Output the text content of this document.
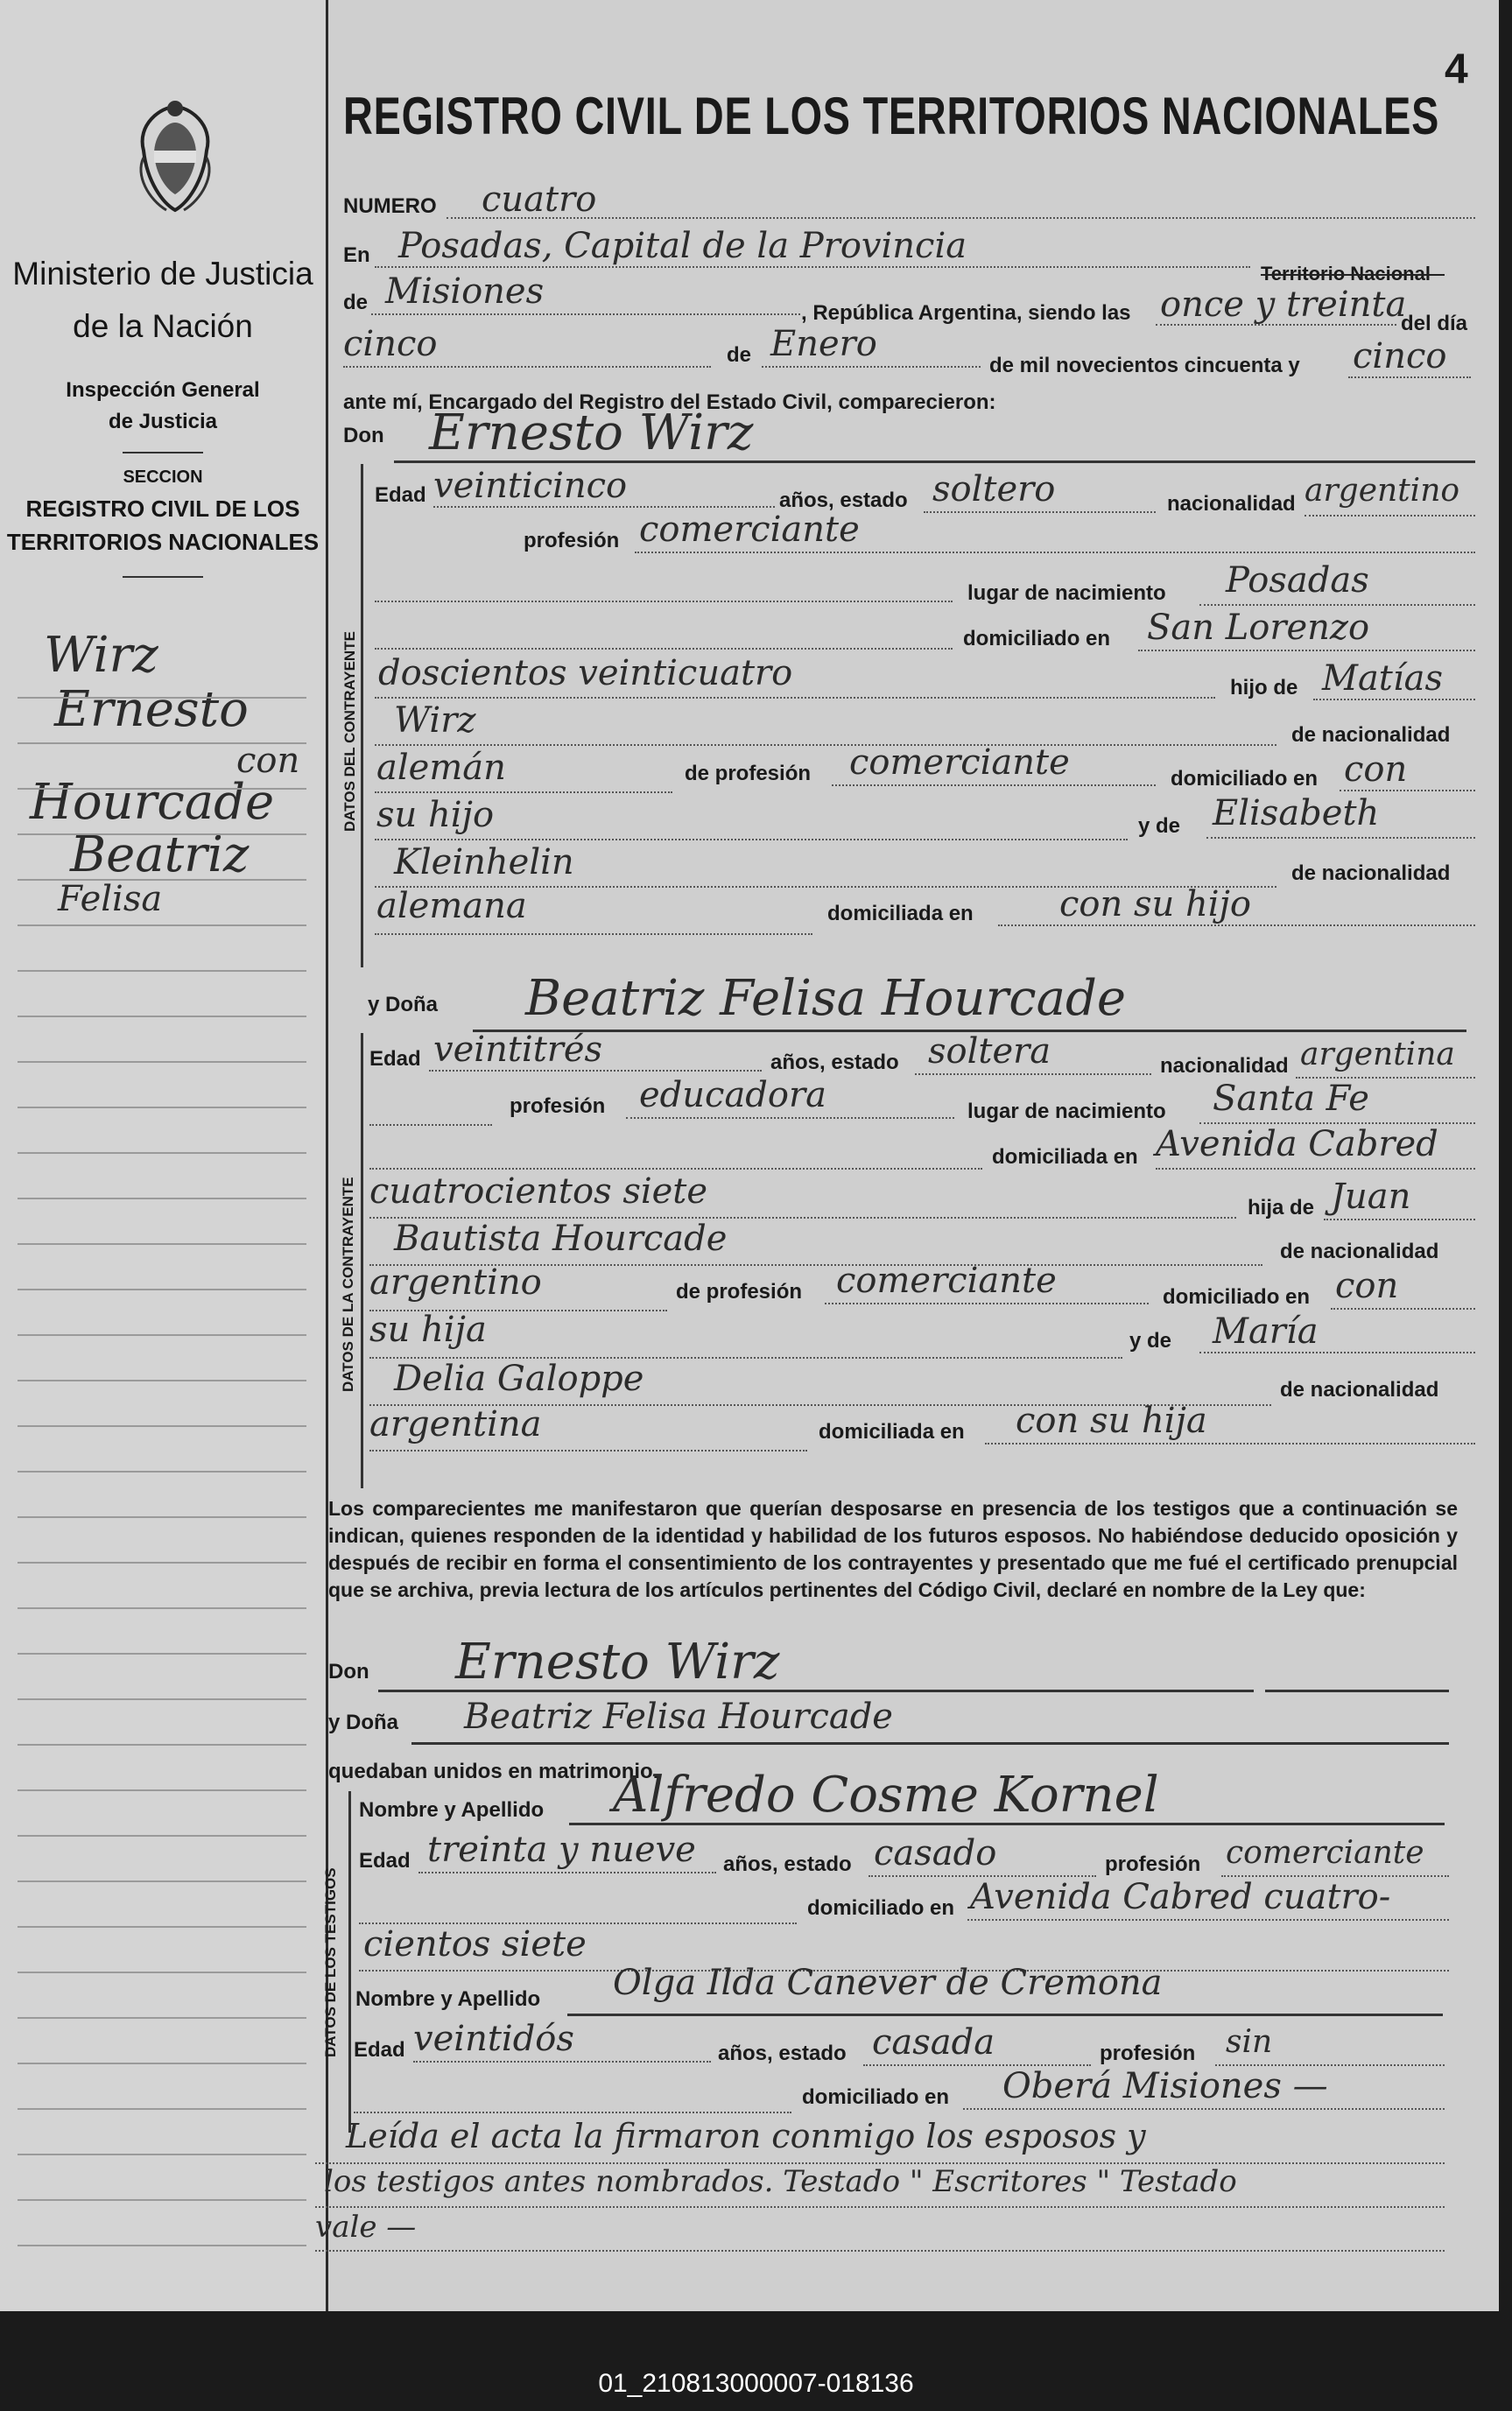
Ministerio de Justicia
de la Nación
Inspección General
de Justicia
SECCION
REGISTRO CIVIL DE LOS
TERRITORIOS NACIONALES
Wirz
Ernesto
con
Hourcade
Beatriz
Felisa
4
REGISTRO CIVIL DE LOS TERRITORIOS NACIONALES
NUMERO cuatro
En Posadas, Capital de la Provincia
Territorio Nacional
de Misiones
, República Argentina, siendo las once y treinta
del día
cinco	de Enero
de mil novecientos cincuenta y cinco
ante mí, Encargado del Registro del Estado Civil, comparecieron:
Don Ernesto Wirz
DATOS DEL CONTRAYENTE
Edad veinticinco	años, estado soltero	nacionalidad argentino
profesión comerciante
lugar de nacimiento Posadas
domiciliado en San Lorenzo
doscientos veinticuatro	hijo de Matías
Wirz	de nacionalidad
alemán	de profesión comerciante	domiciliado en con
su hijo	y de Elisabeth
Kleinhelin	de nacionalidad
alemana	domiciliada en con su hijo
y Doña Beatriz Felisa Hourcade
DATOS DE LA CONTRAYENTE
Edad veintitrés	años, estado soltera	nacionalidad argentina
profesión educadora	lugar de nacimiento Santa Fe
domiciliada en Avenida Cabred
cuatrocientos siete	hija de Juan
Bautista Hourcade	de nacionalidad
argentino	de profesión comerciante	domiciliado en con
su hija	y de María
Delia Galoppe	de nacionalidad
argentina	domiciliada en con su hija
Los comparecientes me manifestaron que querían desposarse en presencia de los testigos que a continuación se indican, quienes responden de la identidad y habilidad de los futuros esposos. No habiéndose deducido oposición y después de recibir en forma el consentimiento de los contrayentes y presentado que me fué el certificado prenupcial que se archiva, previa lectura de los artículos pertinentes del Código Civil, declaré en nombre de la Ley que:
Don Ernesto Wirz
y Doña Beatriz Felisa Hourcade
quedaban unidos en matrimonio.
DATOS DE LOS TESTIGOS
Nombre y Apellido Alfredo Cosme Kornel
Edad treinta y nueve años, estado casado	profesión comerciante
domiciliado en Avenida Cabred cuatro-
cientos siete
Nombre y Apellido Olga Ilda Canever de Cremona
Edad veintidós	años, estado casada	profesión sin
domiciliado en Oberá Misiones —
Leída el acta la firmaron conmigo los esposos y
los testigos antes nombrados. Testado " Escritores " Testado
vale —
01_210813000007-018136
